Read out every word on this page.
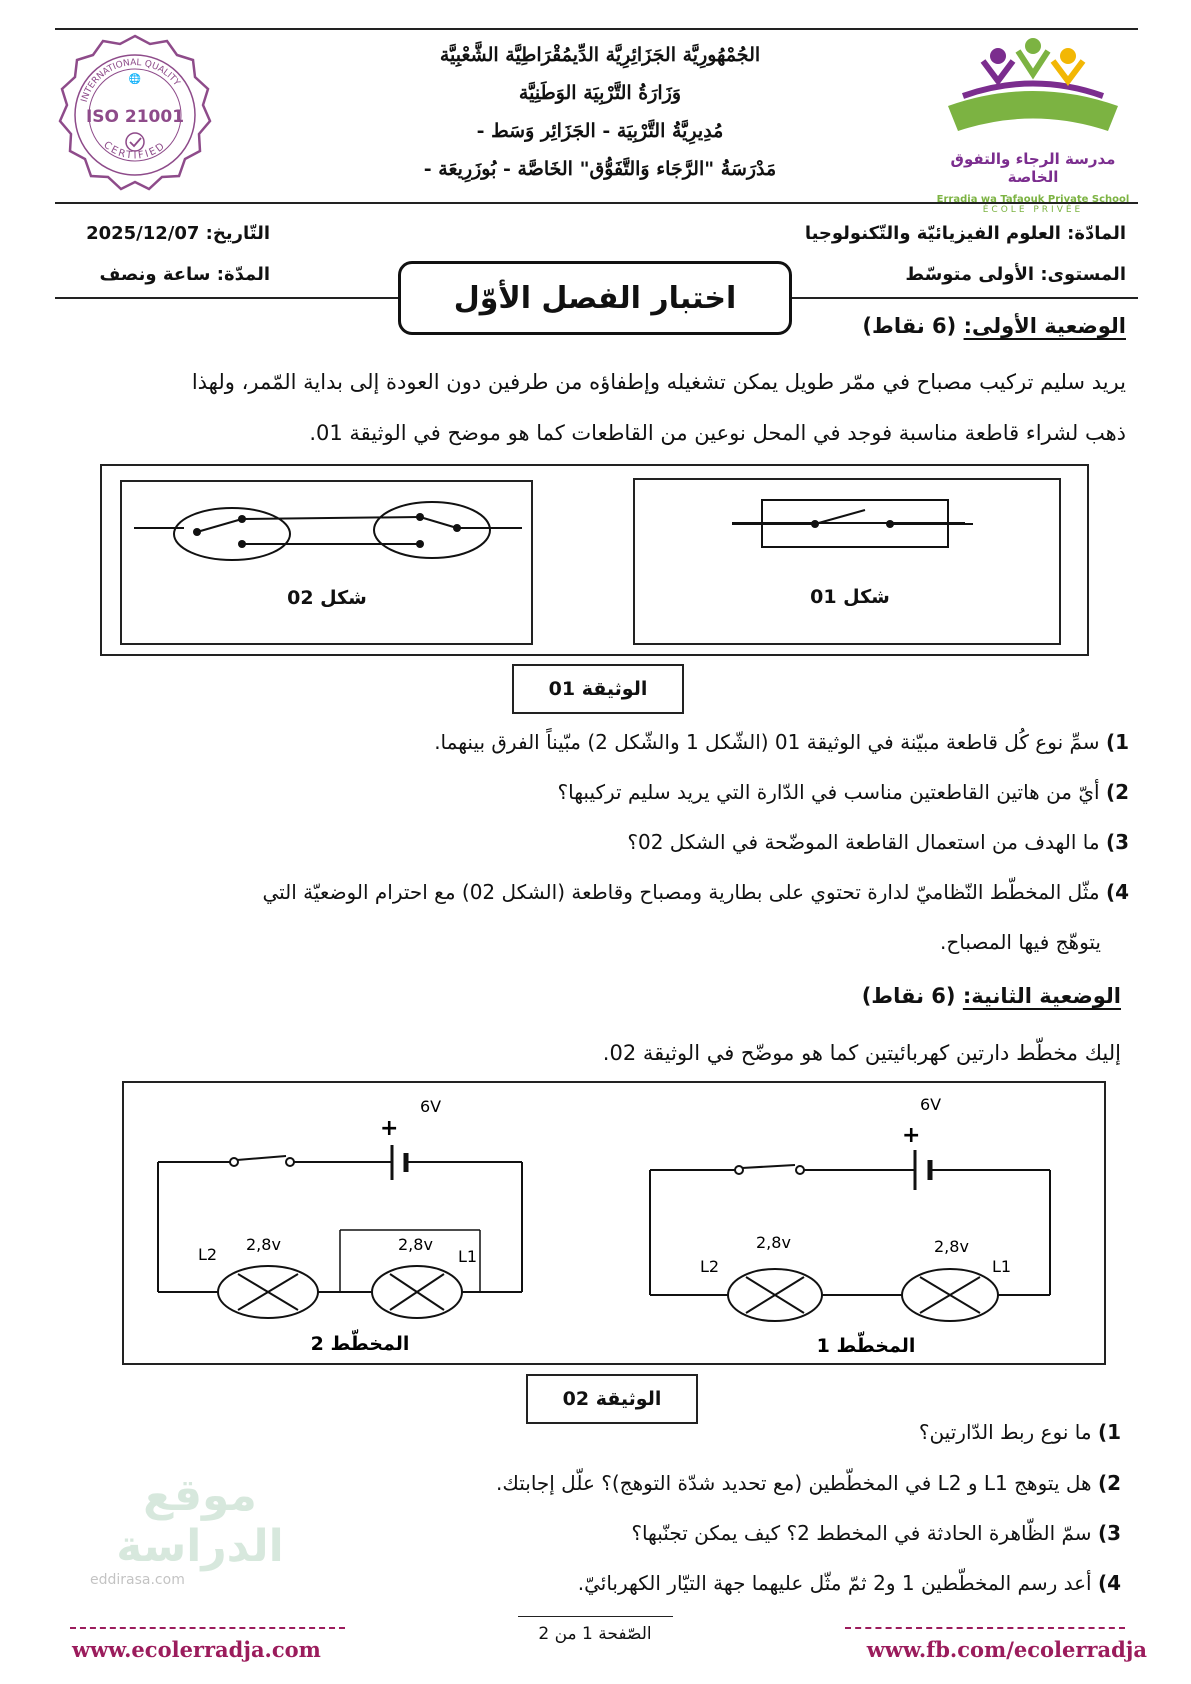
INTERNATIONAL QUALITY
ISO 21001
CERTIFIED
🌐
الجُمْهُورِيَّة الجَزَائِرِيَّة الدِّيمُقْرَاطِيَّة الشَّعْبِيَّة
وَزَارَةُ التَّرْبِيَة الوَطَنِيَّة
مُدِيرِيَّةُ التَّرْبِيَة - الجَزَائِر وَسَط -
مَدْرَسَةُ "الرَّجَاء وَالتَّفَوُّق" الخَاصَّة - بُوزَرِيعَة -	مدرسة الرجاء والتفوق الخاصة
Erradja wa Tafaouk Private School
ÉCOLE PRIVÉE
التّاريخ: 2025/12/07
المدّة: ساعة ونصف
المادّة: العلوم الفيزيائيّة والتّكنولوجيا
المستوى: الأولى متوسّط
اختبار الفصل الأوّل
الوضعية الأولى: (6 نقاط)
يريد سليم تركيب مصباح في ممّر طويل يمكن تشغيله وإطفاؤه من طرفين دون العودة إلى بداية المّمر، ولهذا
ذهب لشراء قاطعة مناسبة فوجد في المحل نوعين من القاطعات كما هو موضح في الوثيقة 01.
شكل 02	شكل 01
الوثيقة 01
1) سمِّ نوع كُل قاطعة مبيّنة في الوثيقة 01 (الشّكل 1 والشّكل 2) مبّيناً الفرق بينهما.
2) أيّ من هاتين القاطعتين مناسب في الدّارة التي يريد سليم تركيبها؟
3) ما الهدف من استعمال القاطعة الموضّحة في الشكل 02؟
4) مثّل المخطّط النّظاميّ لدارة تحتوي على بطارية ومصباح وقاطعة (الشكل 02) مع احترام الوضعيّة التي
يتوهّج فيها المصباح.
الوضعية الثانية: (6 نقاط)
إليك مخطّط دارتين كهربائيتين كما هو موضّح في الوثيقة 02.
+
6V
L2
2,8v	2,8v
L1
المخطّط 2
+
6V
L2
2,8v	2,8v
L1
المخطّط 1
الوثيقة 02
1) ما نوع ربط الدّارتين؟
2) هل يتوهج L1 و L2 في المخطّطين (مع تحديد شدّة التوهج)؟ علّل إجابتك.
3) سمّ الظّاهرة الحادثة في المخطط 2؟ كيف يمكن تجنّبها؟
4) أعد رسم المخطّطين 1 و2 ثمّ مثّل عليهما جهة التيّار الكهربائيّ.
موقع الدراسة
eddirasa.com
الصّفحة 1 من 2
www.ecolerradja.com	www.fb.com/ecolerradja
